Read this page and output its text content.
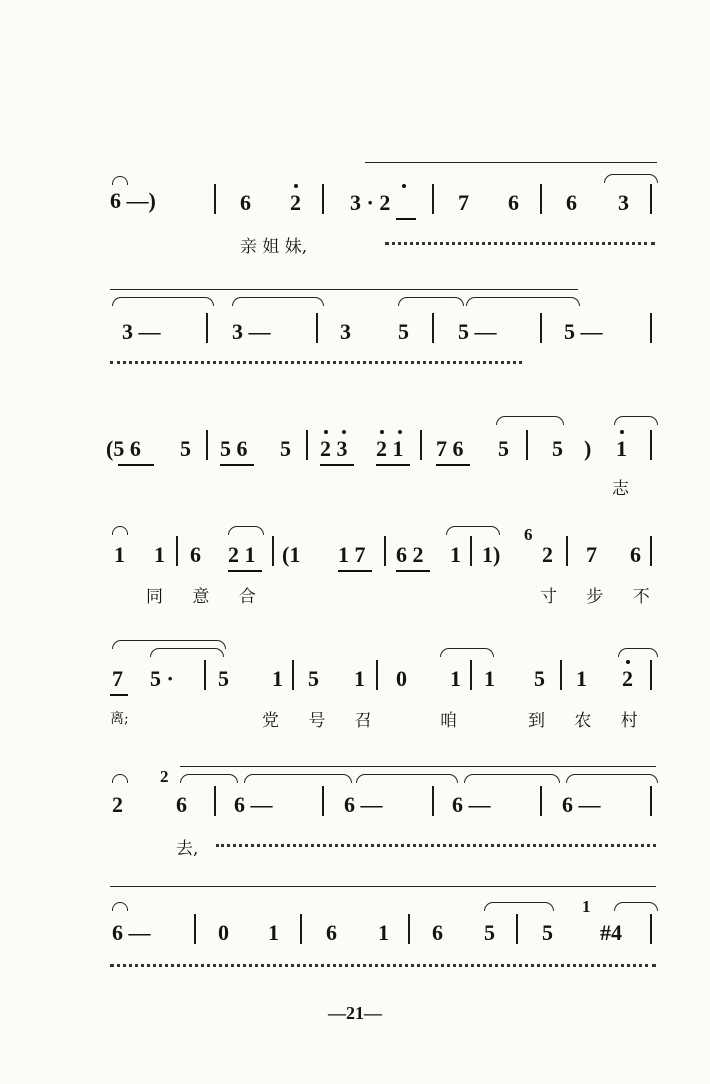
6 —)	6 2 3 · 2	7 6 6 3
亲 姐 妹,
3 —	3 —	3 5 5 —	5 —
(5 6 5 5 6 5 2 3 2 1 7 6 5 5 ) 1
志
1 1 6 2 1 (1 1 7 6 2 1 1)
6
2 7 6
同 意 合	寸 步 不
7 5 · 5 1 5 1 0 1 1 5 1 2
离;	党 号 召	咱	到 农 村
2
2
6 6 —	6 —	6 —	6 —
去,
6 —	0 1 6 1 6 5 5
1
#4
—21—
